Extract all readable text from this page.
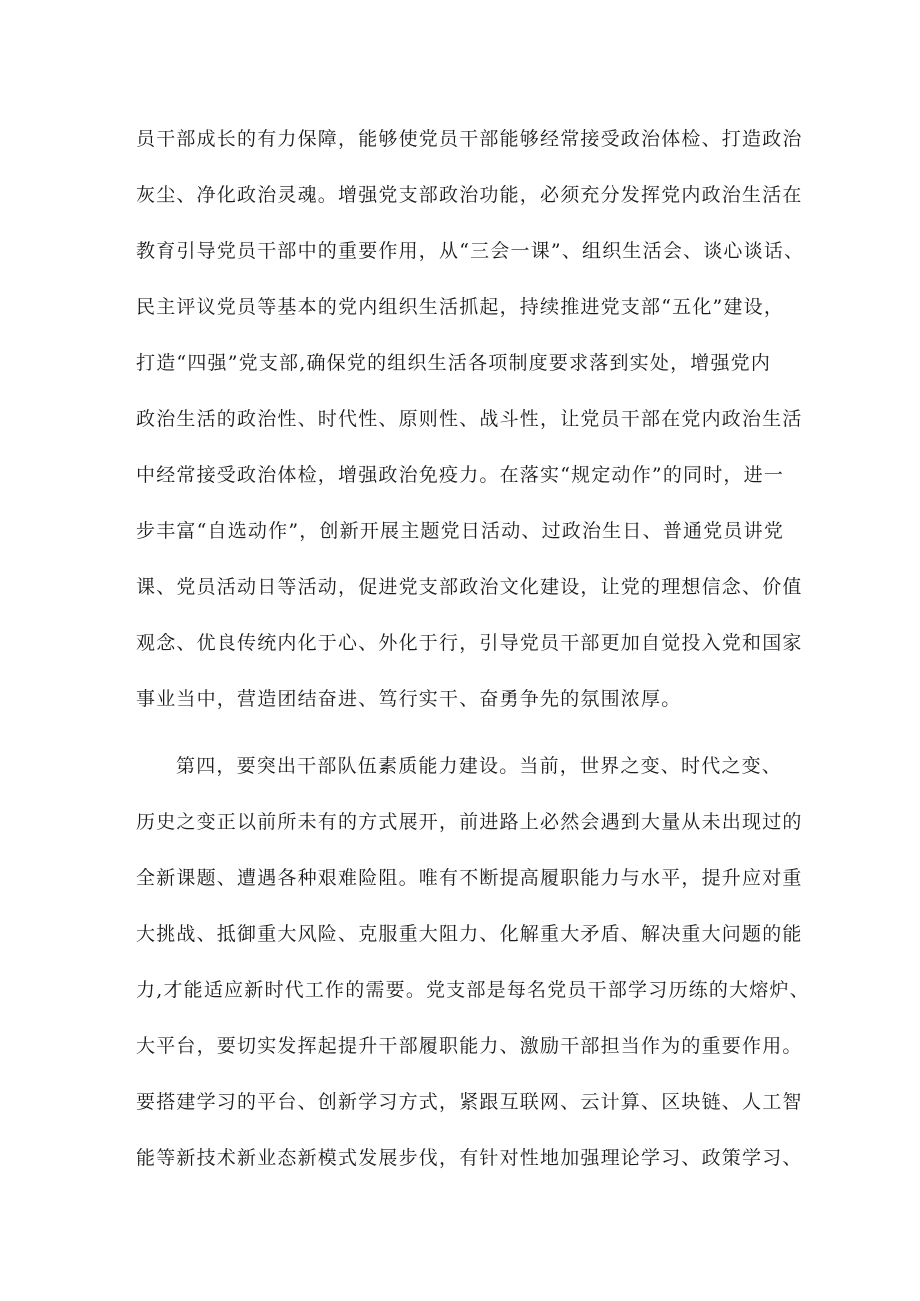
员干部成长的有力保障，能够使党员干部能够经常接受政治体检、打造政治
灰尘、净化政治灵魂。增强党支部政治功能，必须充分发挥党内政治生活在
教育引导党员干部中的重要作用，从“三会一课”、组织生活会、谈心谈话、
民主评议党员等基本的党内组织生活抓起，持续推进党支部“五化”建设，
打造“四强”党支部,确保党的组织生活各项制度要求落到实处，增强党内
政治生活的政治性、时代性、原则性、战斗性，让党员干部在党内政治生活
中经常接受政治体检，增强政治免疫力。在落实“规定动作”的同时，进一
步丰富“自选动作”，创新开展主题党日活动、过政治生日、普通党员讲党
课、党员活动日等活动，促进党支部政治文化建设，让党的理想信念、价值
观念、优良传统内化于心、外化于行，引导党员干部更加自觉投入党和国家
事业当中，营造团结奋进、笃行实干、奋勇争先的氛围浓厚。
第四，要突出干部队伍素质能力建设。当前，世界之变、时代之变、
历史之变正以前所未有的方式展开，前进路上必然会遇到大量从未出现过的
全新课题、遭遇各种艰难险阻。唯有不断提高履职能力与水平，提升应对重
大挑战、抵御重大风险、克服重大阻力、化解重大矛盾、解决重大问题的能
力,才能适应新时代工作的需要。党支部是每名党员干部学习历练的大熔炉、
大平台，要切实发挥起提升干部履职能力、激励干部担当作为的重要作用。
要搭建学习的平台、创新学习方式，紧跟互联网、云计算、区块链、人工智
能等新技术新业态新模式发展步伐，有针对性地加强理论学习、政策学习、
